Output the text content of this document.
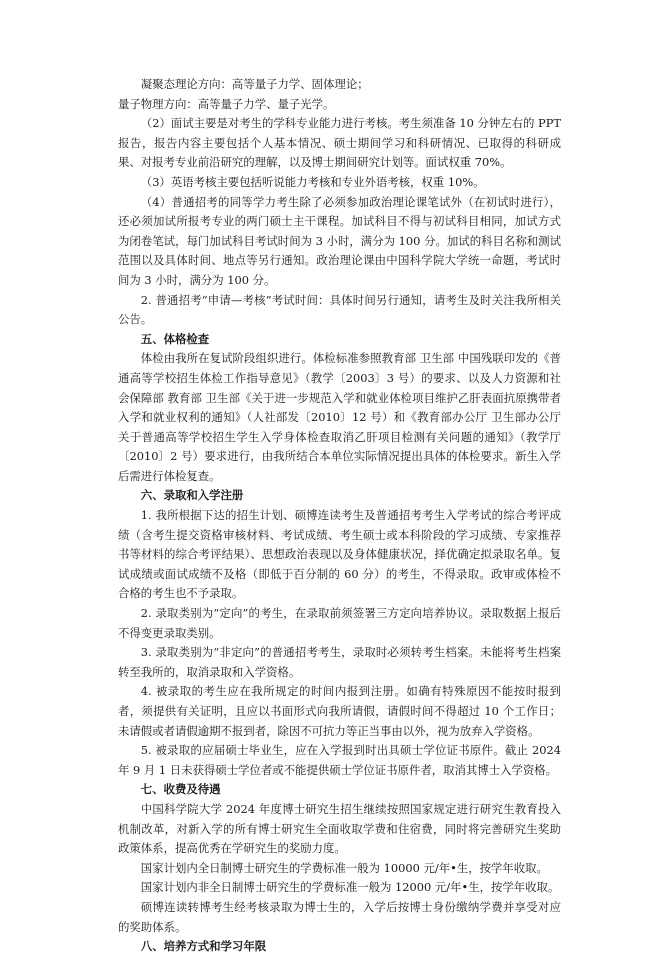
凝聚态理论方向：高等量子力学、固体理论；

量子物理方向：高等量子力学、量子光学。

（2）面试主要是对考生的学科专业能力进行考核。考生须准备 10 分钟左右的 PPT 报告，报告内容主要包括个人基本情况、硕士期间学习和科研情况、已取得的科研成果、对报考专业前沿研究的理解，以及博士期间研究计划等。面试权重 70%。

（3）英语考核主要包括听说能力考核和专业外语考核，权重 10%。

（4）普通招考的同等学力考生除了必须参加政治理论课笔试外（在初试时进行），还必须加试所报考专业的两门硕士主干课程。加试科目不得与初试科目相同，加试方式为闭卷笔试，每门加试科目考试时间为 3 小时，满分为 100 分。加试的科目名称和测试范围以及具体时间、地点等另行通知。政治理论课由中国科学院大学统一命题，考试时间为 3 小时，满分为 100 分。

2. 普通招考“申请—考核”考试时间：具体时间另行通知，请考生及时关注我所相关公告。

五、体格检查

体检由我所在复试阶段组织进行。体检标准参照教育部 卫生部 中国残联印发的《普通高等学校招生体检工作指导意见》（教学〔2003〕3 号）的要求、以及人力资源和社会保障部 教育部 卫生部《关于进一步规范入学和就业体检项目维护乙肝表面抗原携带者入学和就业权利的通知》（人社部发〔2010〕12 号）和《教育部办公厅 卫生部办公厅关于普通高等学校招生学生入学身体检查取消乙肝项目检测有关问题的通知》（教学厅〔2010〕2 号）要求进行，由我所结合本单位实际情况提出具体的体检要求。新生入学后需进行体检复查。

六、录取和入学注册

1. 我所根据下达的招生计划、硕博连读考生及普通招考考生入学考试的综合考评成绩（含考生提交资格审核材料、考试成绩、考生硕士或本科阶段的学习成绩、专家推荐书等材料的综合考评结果）、思想政治表现以及身体健康状况，择优确定拟录取名单。复试成绩或面试成绩不及格（即低于百分制的 60 分）的考生，不得录取。政审或体检不合格的考生也不予录取。

2. 录取类别为“定向”的考生，在录取前须签署三方定向培养协议。录取数据上报后不得变更录取类别。

3. 录取类别为“非定向”的普通招考考生，录取时必须转考生档案。未能将考生档案转至我所的，取消录取和入学资格。

4. 被录取的考生应在我所规定的时间内报到注册。如确有特殊原因不能按时报到者，须提供有关证明，且应以书面形式向我所请假，请假时间不得超过 10 个工作日；未请假或者请假逾期不报到者，除因不可抗力等正当事由以外，视为放弃入学资格。

5. 被录取的应届硕士毕业生，应在入学报到时出具硕士学位证书原件。截止 2024 年 9 月 1 日未获得硕士学位者或不能提供硕士学位证书原件者，取消其博士入学资格。

七、收费及待遇

中国科学院大学 2024 年度博士研究生招生继续按照国家规定进行研究生教育投入机制改革，对新入学的所有博士研究生全面收取学费和住宿费，同时将完善研究生奖助政策体系，提高优秀在学研究生的奖励力度。

国家计划内全日制博士研究生的学费标准一般为 10000 元/年•生，按学年收取。

国家计划内非全日制博士研究生的学费标准一般为 12000 元/年•生，按学年收取。

硕博连读转博考生经考核录取为博士生的，入学后按博士身份缴纳学费并享受对应的奖助体系。

八、培养方式和学习年限
